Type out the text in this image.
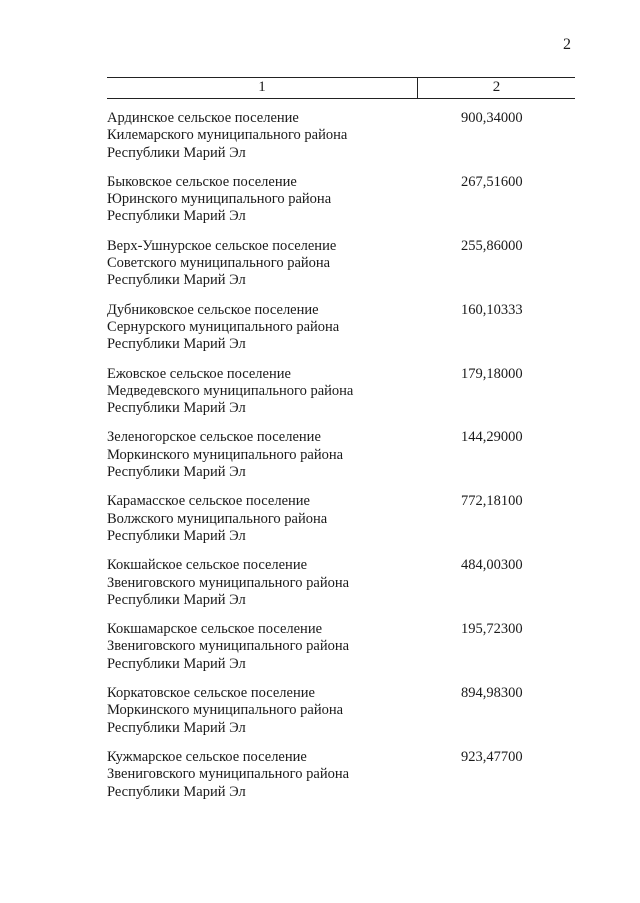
2
1	2
Ардинское сельское поселение
Килемарского муниципального района
Республики Марий Эл
900,34000
Быковское сельское поселение
Юринского муниципального района
Республики Марий Эл
267,51600
Верх-Ушнурское сельское поселение
Советского муниципального района
Республики Марий Эл
255,86000
Дубниковское сельское поселение
Сернурского муниципального района
Республики Марий Эл
160,10333
Ежовское сельское поселение
Медведевского муниципального района
Республики Марий Эл
179,18000
Зеленогорское сельское поселение
Моркинского муниципального района
Республики Марий Эл
144,29000
Карамасское сельское поселение
Волжского муниципального района
Республики Марий Эл
772,18100
Кокшайское сельское поселение
Звениговского муниципального района
Республики Марий Эл
484,00300
Кокшамарское сельское поселение
Звениговского муниципального района
Республики Марий Эл
195,72300
Коркатовское сельское поселение
Моркинского муниципального района
Республики Марий Эл
894,98300
Кужмарское сельское поселение
Звениговского муниципального района
Республики Марий Эл
923,47700
